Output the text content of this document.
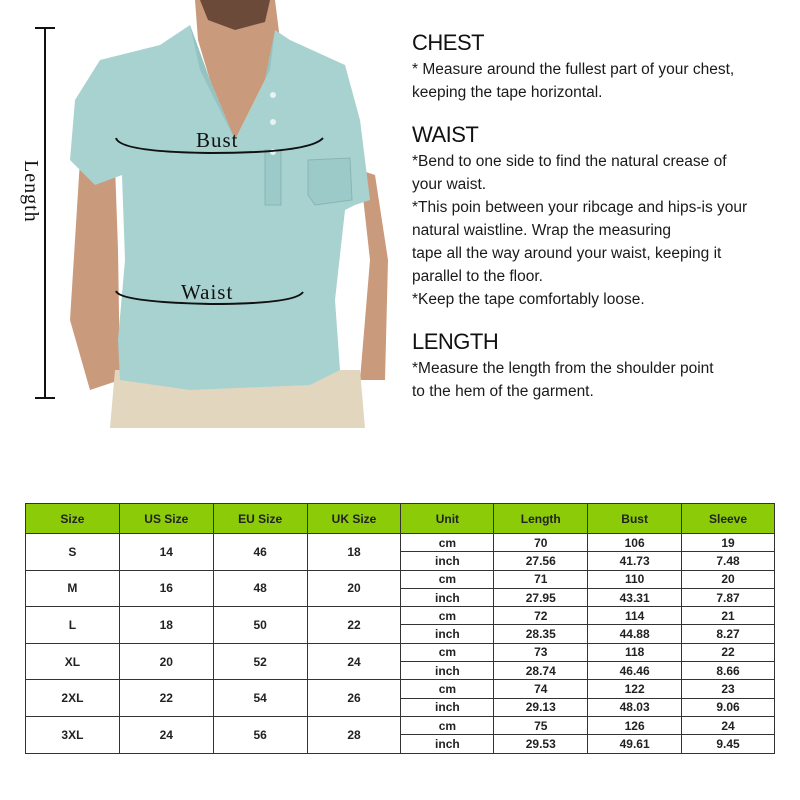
Length
Bust
Waist
CHEST

* Measure around the fullest part of your chest,

keeping the tape horizontal.

WAIST

*Bend to one side to find the natural crease of

your waist.

*This poin between your ribcage and hips-is your

natural waistline. Wrap the measuring

tape all the way around your waist, keeping it

parallel to the floor.

*Keep the tape comfortably loose.

LENGTH

*Measure the length from the shoulder point

to the hem of the garment.

Size	US Size	EU Size	UK Size	Unit	Length	Bust	Sleeve
S	14	46	18	cm	70	106	19
				inch	27.56	41.73	7.48
M	16	48	20	cm	71	110	20
				inch	27.95	43.31	7.87
L	18	50	22	cm	72	114	21
				inch	28.35	44.88	8.27
XL	20	52	24	cm	73	118	22
				inch	28.74	46.46	8.66
2XL	22	54	26	cm	74	122	23
				inch	29.13	48.03	9.06
3XL	24	56	28	cm	75	126	24
				inch	29.53	49.61	9.45
